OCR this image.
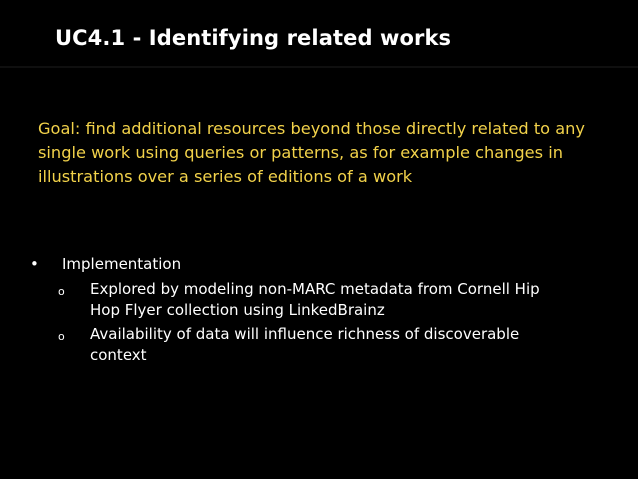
UC4.1 - Identifying related works
Goal: find additional resources beyond those directly related to any single work using queries or patterns, as for example changes in illustrations over a series of editions of a work
•	Implementation
o Explored by modeling non-MARC metadata from Cornell Hip Hop Flyer collection using LinkedBrainz
o Availability of data will influence richness of discoverable context
